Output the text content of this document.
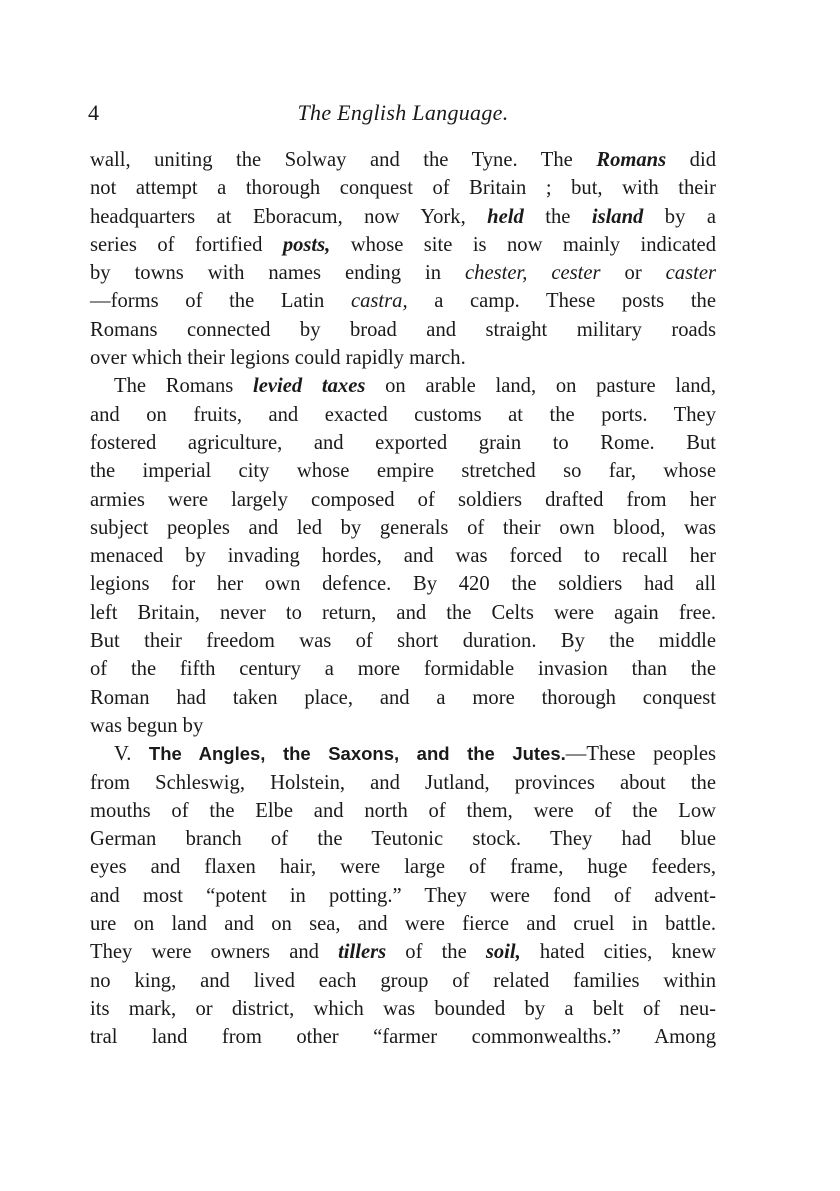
4	The English Language.
wall, uniting the Solway and the Tyne. The Romans did
not attempt a thorough conquest of Britain ; but, with their
headquarters at Eboracum, now York, held the island by a
series of fortified posts, whose site is now mainly indicated
by towns with names ending in chester, cester or caster
—forms of the Latin castra, a camp. These posts the
Romans connected by broad and straight military roads
over which their legions could rapidly march.
The Romans levied taxes on arable land, on pasture land,
and on fruits, and exacted customs at the ports. They
fostered agriculture, and exported grain to Rome. But
the imperial city whose empire stretched so far, whose
armies were largely composed of soldiers drafted from her
subject peoples and led by generals of their own blood, was
menaced by invading hordes, and was forced to recall her
legions for her own defence. By 420 the soldiers had all
left Britain, never to return, and the Celts were again free.
But their freedom was of short duration. By the middle
of the fifth century a more formidable invasion than the
Roman had taken place, and a more thorough conquest
was begun by
V. The Angles, the Saxons, and the Jutes.—These peoples
from Schleswig, Holstein, and Jutland, provinces about the
mouths of the Elbe and north of them, were of the Low
German branch of the Teutonic stock. They had blue
eyes and flaxen hair, were large of frame, huge feeders,
and most “potent in potting.” They were fond of advent-
ure on land and on sea, and were fierce and cruel in battle.
They were owners and tillers of the soil, hated cities, knew
no king, and lived each group of related families within
its mark, or district, which was bounded by a belt of neu-
tral land from other “farmer commonwealths.” Among
